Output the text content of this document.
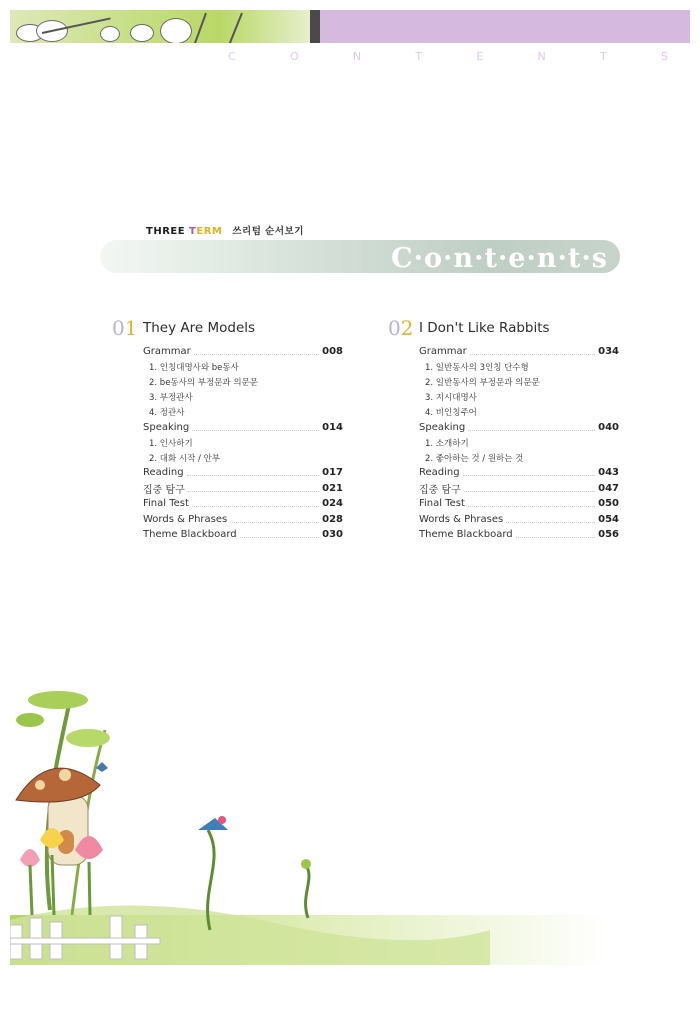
C	O	N	T	E	N	T	S
THREE TERM 쓰리텀 순서보기
C·o·n·t·e·n·t·s
01 They Are Models
Grammar	008
1. 인칭대명사와 be동사
2. be동사의 부정문과 의문문
3. 부정관사
4. 정관사
Speaking	014
1. 인사하기
2. 대화 시작 / 안부
Reading	017
집중 탐구	021
Final Test	024
Words & Phrases	028
Theme Blackboard	030
02 I Don't Like Rabbits
Grammar	034
1. 일반동사의 3인칭 단수형
2. 일반동사의 부정문과 의문문
3. 지시대명사
4. 비인칭주어
Speaking	040
1. 소개하기
2. 좋아하는 것 / 원하는 것
Reading	043
집중 탐구	047
Final Test	050
Words & Phrases	054
Theme Blackboard	056
